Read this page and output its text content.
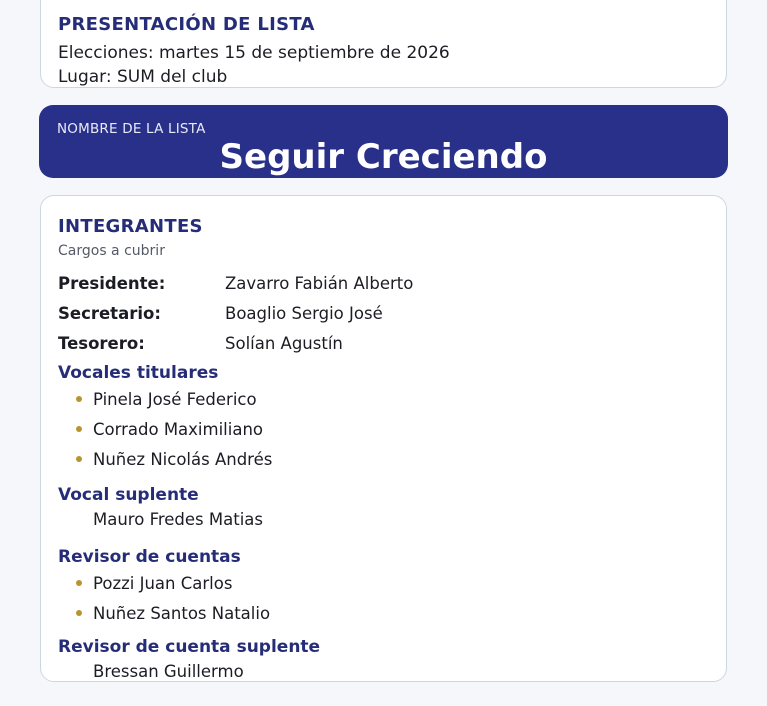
PRESENTACIÓN DE LISTA

Elecciones: martes 15 de septiembre de 2026

Lugar: SUM del club

NOMBRE DE LA LISTA
Seguir Creciendo
INTEGRANTES
Cargos a cubrir
Presidente:	Zavarro Fabián Alberto
Secretario:	Boaglio Sergio José
Tesorero:	Solían Agustín
Vocales titulares
Pinela José Federico
Corrado Maximiliano
Nuñez Nicolás Andrés
Vocal suplente
Mauro Fredes Matias
Revisor de cuentas
Pozzi Juan Carlos
Nuñez Santos Natalio
Revisor de cuenta suplente
Bressan Guillermo
